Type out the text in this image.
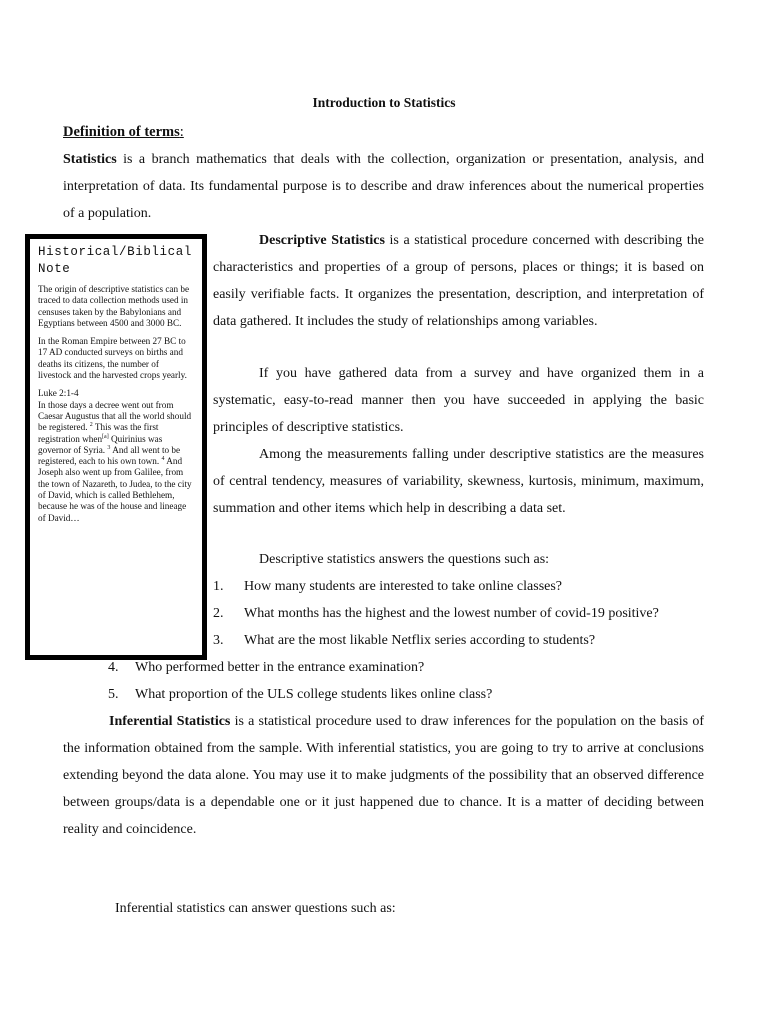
Introduction to Statistics
Definition of terms:
Statistics is a branch mathematics that deals with the collection, organization or presentation, analysis, and interpretation of data. Its fundamental purpose is to describe and draw inferences about the numerical properties of a population.
Descriptive Statistics is a statistical procedure concerned with describing the characteristics and properties of a group of persons, places or things; it is based on easily verifiable facts. It organizes the presentation, description, and interpretation of data gathered. It includes the study of relationships among variables.
If you have gathered data from a survey and have organized them in a systematic, easy-to-read manner then you have succeeded in applying the basic principles of descriptive statistics.
Among the measurements falling under descriptive statistics are the measures of central tendency, measures of variability, skewness, kurtosis, minimum, maximum, summation and other items which help in describing a data set.
Descriptive statistics answers the questions such as:
1. How many students are interested to take online classes?
2. What months has the highest and the lowest number of covid-19 positive?
3. What are the most likable Netflix series according to students?
4. Who performed better in the entrance examination?
5. What proportion of the ULS college students likes online class?
Inferential Statistics is a statistical procedure used to draw inferences for the population on the basis of the information obtained from the sample. With inferential statistics, you are going to try to arrive at conclusions extending beyond the data alone. You may use it to make judgments of the possibility that an observed difference between groups/data is a dependable one or it just happened due to chance. It is a matter of deciding between reality and coincidence.
Inferential statistics can answer questions such as:
Historical/Biblical Note

The origin of descriptive statistics can be traced to data collection methods used in censuses taken by the Babylonians and Egyptians between 4500 and 3000 BC.

In the Roman Empire between 27 BC to 17 AD conducted surveys on births and deaths its citizens, the number of livestock and the harvested crops yearly.

Luke 2:1-4
In those days a decree went out from Caesar Augustus that all the world should be registered. $^2$ This was the first registration when[a] Quirinius was governor of Syria. $^3$ And all went to be registered, each to his own town. $^4$ And Joseph also went up from Galilee, from the town of Nazareth, to Judea, to the city of David, which is called Bethlehem, because he was of the house and lineage of David…
